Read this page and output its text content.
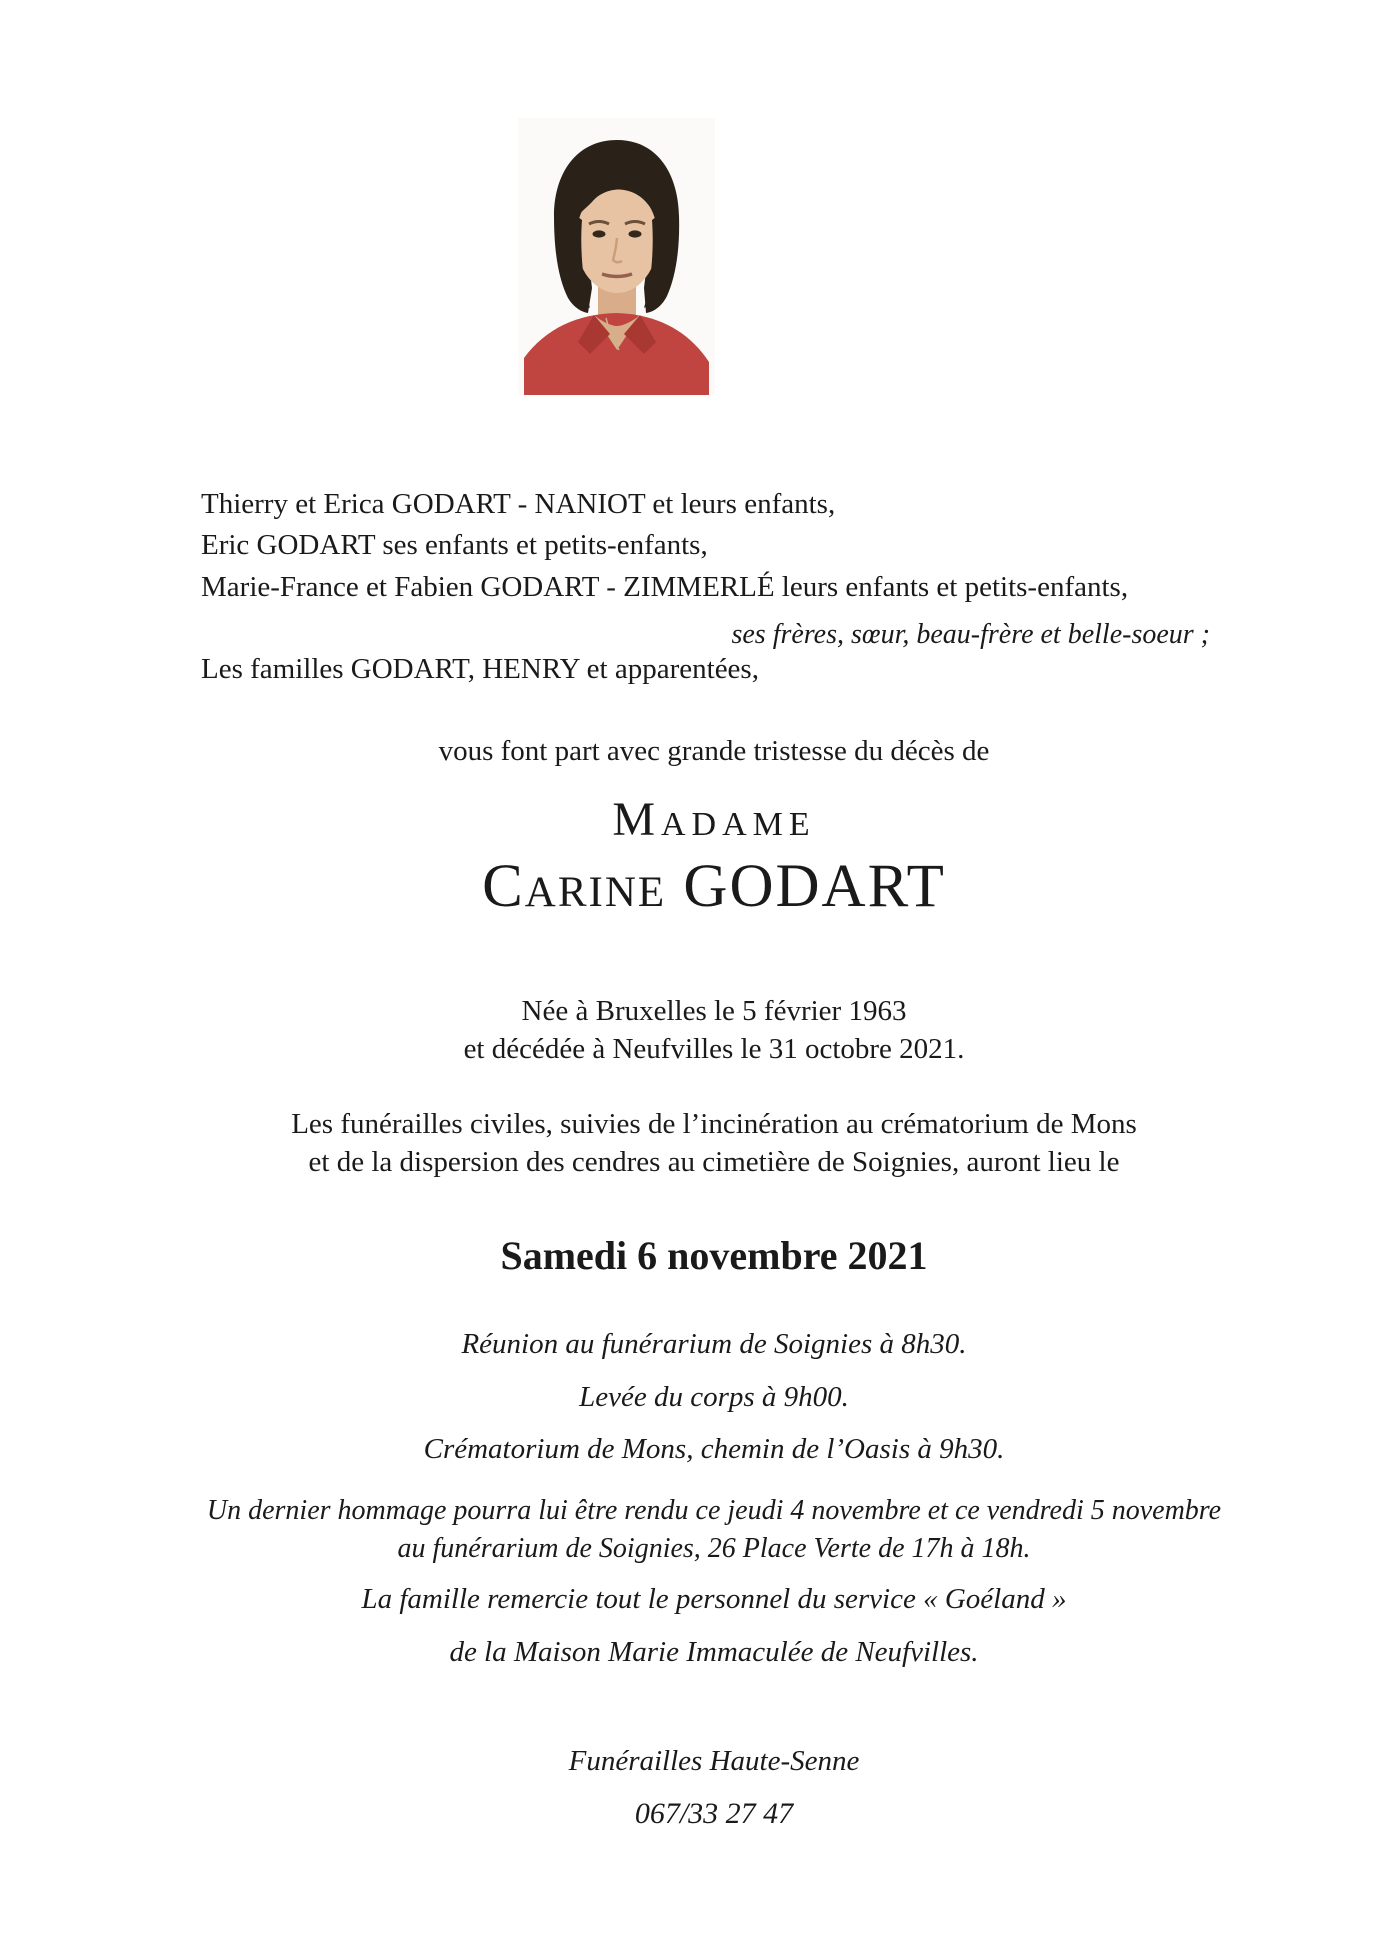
Thierry et Erica GODART - NANIOT et leurs enfants,
Eric GODART ses enfants et petits-enfants,
Marie-France et Fabien GODART - ZIMMERLÉ leurs enfants et petits-enfants,
ses frères, sœur, beau-frère et belle-soeur ;
Les familles GODART, HENRY et apparentées,
vous font part avec grande tristesse du décès de
Madame
Carine GODART
Née à Bruxelles le 5 février 1963
et décédée à Neufvilles le 31 octobre 2021.
Les funérailles civiles, suivies de l’incinération au crématorium de Mons
et de la dispersion des cendres au cimetière de Soignies, auront lieu le
Samedi 6 novembre 2021
Réunion au funérarium de Soignies à 8h30.
Levée du corps à 9h00.
Crématorium de Mons, chemin de l’Oasis à 9h30.
Un dernier hommage pourra lui être rendu ce jeudi 4 novembre et ce vendredi 5 novembre
au funérarium de Soignies, 26 Place Verte de 17h à 18h.
La famille remercie tout le personnel du service « Goéland »
de la Maison Marie Immaculée de Neufvilles.
Funérailles Haute-Senne
067/33 27 47
